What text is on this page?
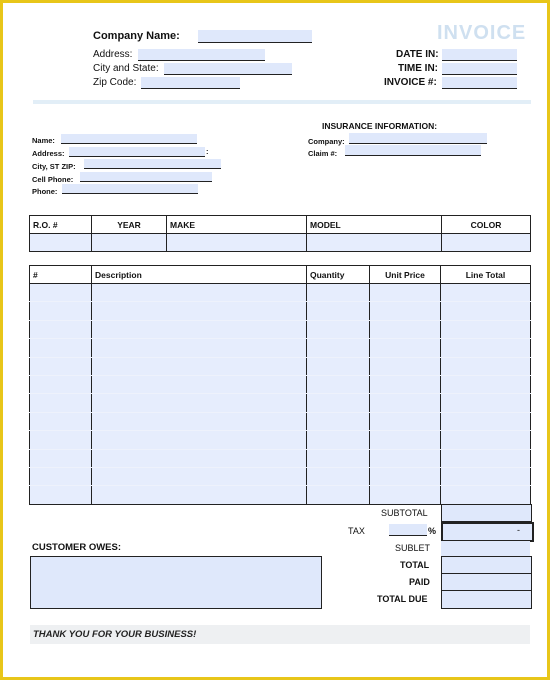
INVOICE
Company Name:
Address:
City and State:
Zip Code:
DATE IN:
TIME IN:
INVOICE #:
Name:
Address:	:
City, ST ZIP:
Cell Phone:
Phone:
INSURANCE INFORMATION:
Company:
Claim #:
R.O. #	YEAR	MAKE	MODEL	COLOR

#	Description	Quantity	Unit Price	Line Total

SUBTOTAL
TAX	%	-
SUBLET
TOTAL
PAID
TOTAL DUE
CUSTOMER OWES:
THANK YOU FOR YOUR BUSINESS!
